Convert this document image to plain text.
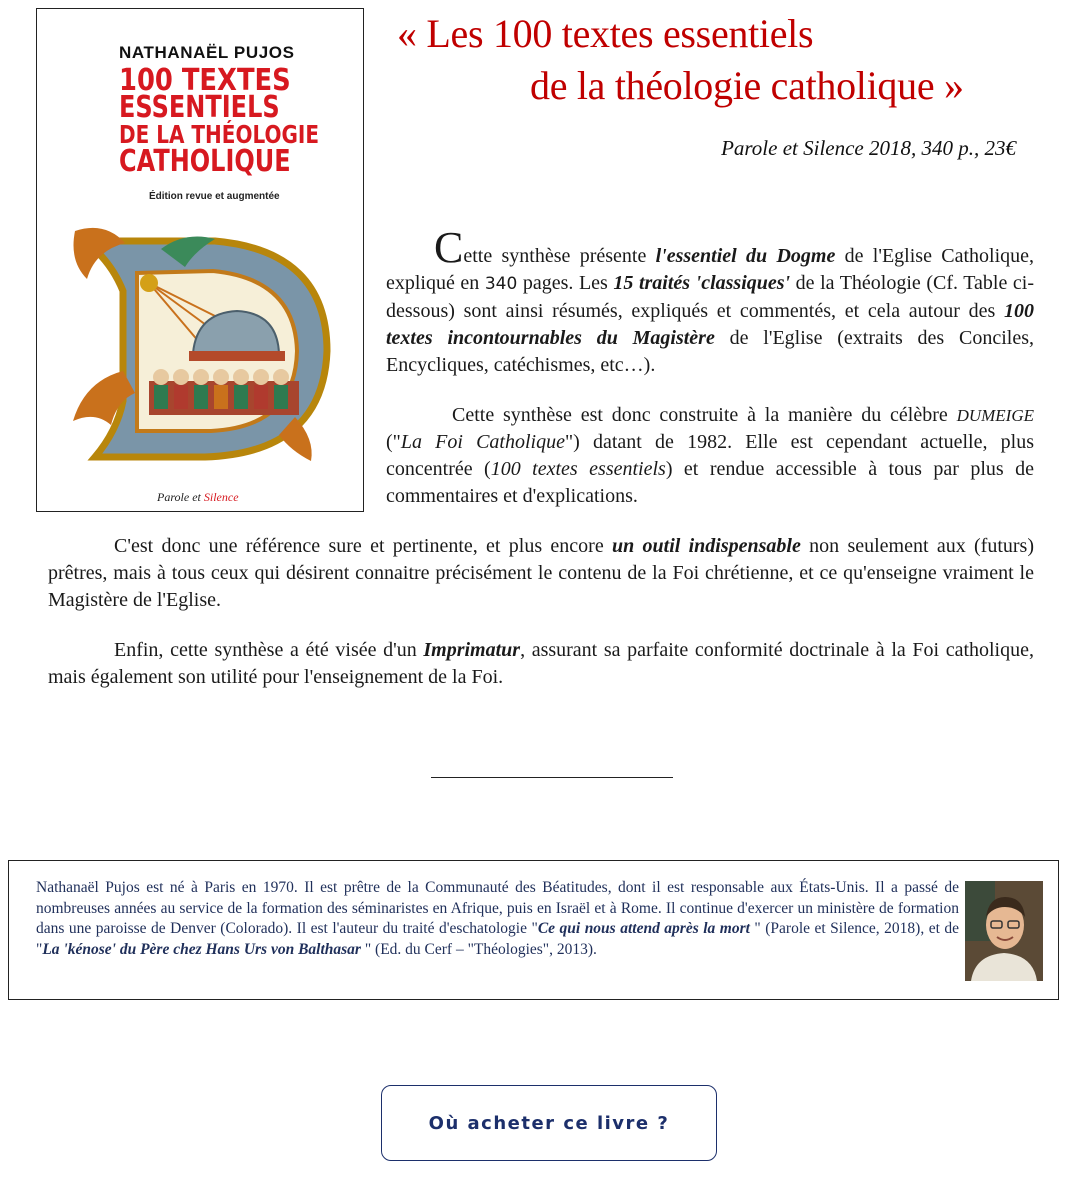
NATHANAËL PUJOS
100 TEXTES
ESSENTIELS
DE LA THÉOLOGIE
CATHOLIQUE
Édition revue et augmentée
Parole et Silence
« Les 100 textes essentiels
de la théologie catholique »
Parole et Silence 2018, 340 p., 23€

Cette synthèse présente l'essentiel du Dogme de l'Eglise Catholique, expliqué en 340 pages. Les 15 traités 'classiques' de la Théologie (Cf. Table ci-dessous) sont ainsi résumés, expliqués et commentés, et cela autour des 100 textes incontournables du Magistère de l'Eglise (extraits des Conciles, Encycliques, catéchismes, etc…).

Cette synthèse est donc construite à la manière du célèbre DUMEIGE ("La Foi Catholique") datant de 1982. Elle est cependant actuelle, plus concentrée (100 textes essentiels) et rendue accessible à tous par plus de commentaires et d'explications.

C'est donc une référence sure et pertinente, et plus encore un outil indispensable non seulement aux (futurs) prêtres, mais à tous ceux qui désirent connaitre précisément le contenu de la Foi chrétienne, et ce qu'enseigne vraiment le Magistère de l'Eglise.

Enfin, cette synthèse a été visée d'un Imprimatur, assurant sa parfaite conformité doctrinale à la Foi catholique, mais également son utilité pour l'enseignement de la Foi.

Nathanaël Pujos est né à Paris en 1970. Il est prêtre de la Communauté des Béatitudes, dont il est responsable aux États-Unis. Il a passé de nombreuses années au service de la formation des séminaristes en Afrique, puis en Israël et à Rome. Il continue d'exercer un ministère de formation dans une paroisse de Denver (Colorado). Il est l'auteur du traité d'eschatologie "Ce qui nous attend après la mort " (Parole et Silence, 2018), et de "La 'kénose' du Père chez Hans Urs von Balthasar " (Ed. du Cerf – "Théologies", 2013).
Où acheter ce livre ?
